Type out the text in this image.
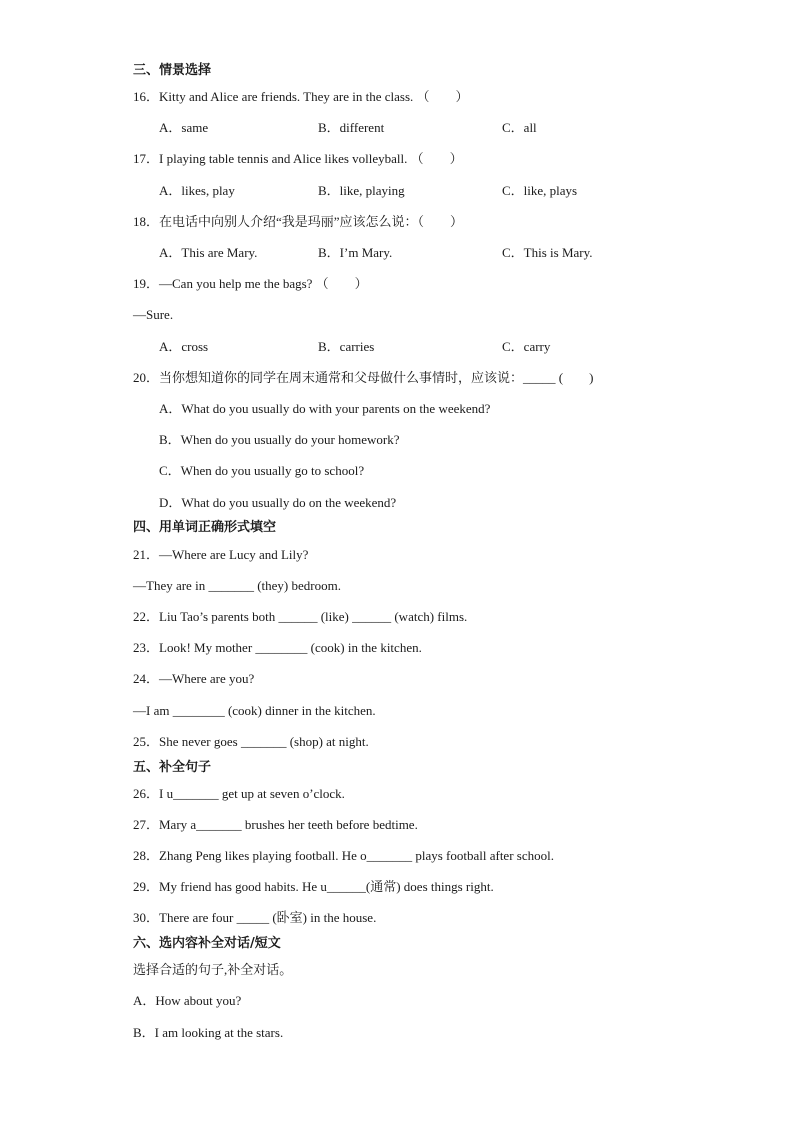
三、情景选择
16．Kitty and Alice are friends. They are in the class. （　　）
A．same	B．different	C．all
17．I playing table tennis and Alice likes volleyball. （　　）
A．likes, play	B．like, playing	C．like, plays
18．在电话中向别人介绍“我是玛丽”应该怎么说：（　　）
A．This are Mary.	B．I’m Mary.	C．This is Mary.
19．—Can you help me the bags? （　　）
—Sure.
A．cross	B．carries	C．carry
20．当你想知道你的同学在周末通常和父母做什么事情时，应该说：_____ (　　)
A．What do you usually do with your parents on the weekend?
B．When do you usually do your homework?
C．When do you usually go to school?
D．What do you usually do on the weekend?
四、用单词正确形式填空
21．—Where are Lucy and Lily?
—They are in _______ (they) bedroom.
22．Liu Tao’s parents both ______ (like) ______ (watch) films.
23．Look! My mother ________ (cook) in the kitchen.
24．—Where are you?
—I am ________ (cook) dinner in the kitchen.
25．She never goes _______ (shop) at night.
五、补全句子
26．I u_______ get up at seven o’clock.
27．Mary a_______ brushes her teeth before bedtime.
28．Zhang Peng likes playing football. He o_______ plays football after school.
29．My friend has good habits. He u______(通常) does things right.
30．There are four _____ (卧室) in the house.
六、选内容补全对话/短文
选择合适的句子,补全对话。
A．How about you?
B．I am looking at the stars.
